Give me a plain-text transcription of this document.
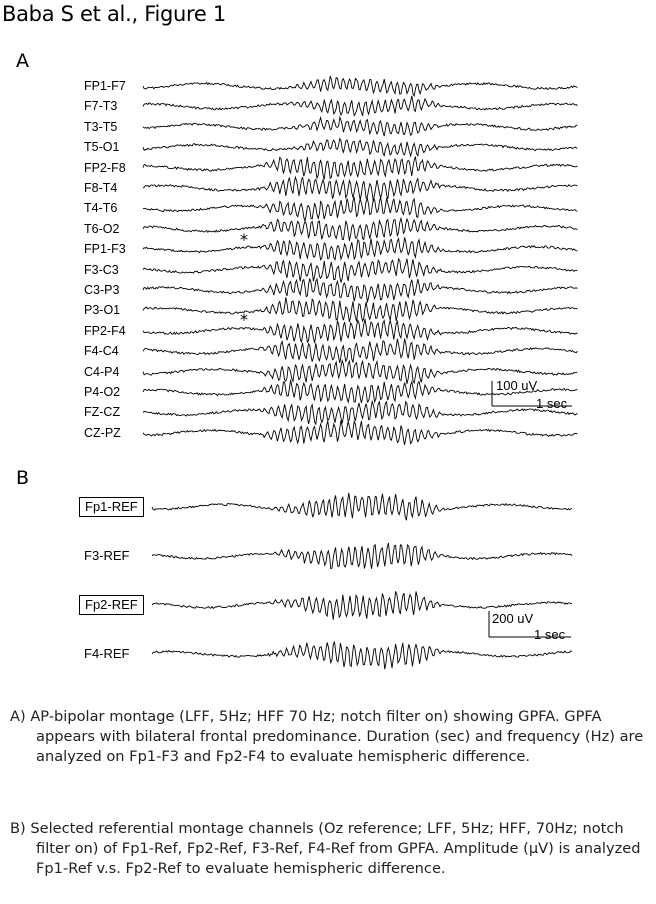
Baba S et al., Figure 1
A
FP1-F7
F7-T3
T3-T5
T5-O1
FP2-F8
F8-T4
T4-T6
T6-O2
FP1-F3
F3-C3
C3-P3
P3-O1
FP2-F4
F4-C4
C4-P4
P4-O2
FZ-CZ
CZ-PZ
*
*
100 uV
1 sec
B
Fp1-REF
F3-REF
Fp2-REF
F4-REF
200 uV
1 sec
A) AP-bipolar montage (LFF, 5Hz; HFF 70 Hz; notch filter on) showing GPFA. GPFA appears with bilateral frontal predominance. Duration (sec) and frequency (Hz) are analyzed on Fp1-F3 and Fp2-F4 to evaluate hemispheric difference.
B) Selected referential montage channels (Oz reference; LFF, 5Hz; HFF, 70Hz; notch filter on) of Fp1-Ref, Fp2-Ref, F3-Ref, F4-Ref from GPFA. Amplitude (µV) is analyzed Fp1-Ref v.s. Fp2-Ref to evaluate hemispheric difference.
